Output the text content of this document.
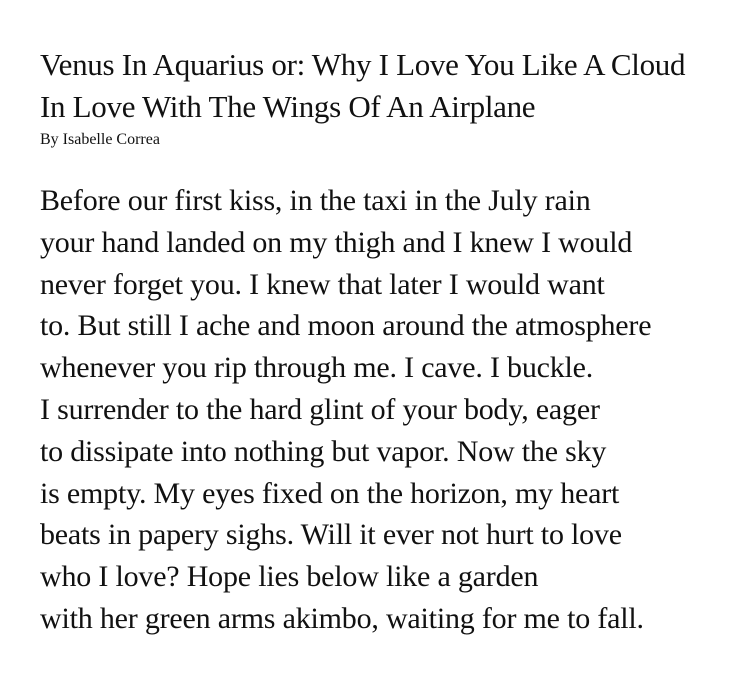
Venus In Aquarius or: Why I Love You Like A Cloud
In Love With The Wings Of An Airplane
By Isabelle Correa
Before our first kiss, in the taxi in the July rain
your hand landed on my thigh and I knew I would
never forget you. I knew that later I would want
to. But still I ache and moon around the atmosphere
whenever you rip through me. I cave. I buckle.
I surrender to the hard glint of your body, eager
to dissipate into nothing but vapor. Now the sky
is empty. My eyes fixed on the horizon, my heart
beats in papery sighs. Will it ever not hurt to love
who I love? Hope lies below like a garden
with her green arms akimbo, waiting for me to fall.
